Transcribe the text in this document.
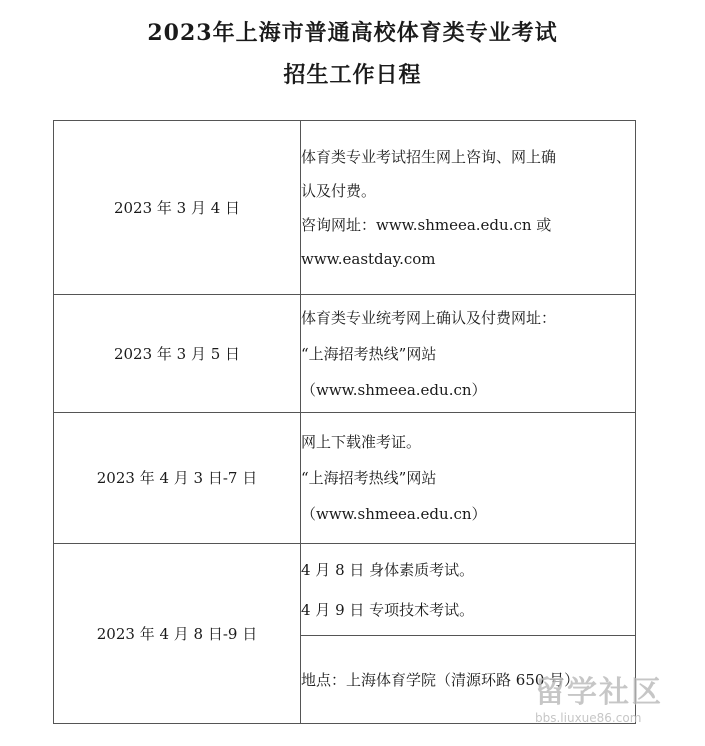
2023年上海市普通高校体育类专业考试
招生工作日程
2023 年 3 月 4 日	体育类专业考试招生网上咨询、网上确
认及付费。
咨询网址：www.shmeea.edu.cn 或
www.eastday.com

2023 年 3 月 5 日	体育类专业统考网上确认及付费网址：
“上海招考热线”网站
（www.shmeea.edu.cn）

2023 年 4 月 3 日-7 日	网上下载准考证。
“上海招考热线”网站
（www.shmeea.edu.cn）

2023 年 4 月 8 日-9 日	4 月 8 日 身体素质考试。
4 月 9 日 专项技术考试。

	地点：上海体育学院（清源环路 650 号）
留学社区
bbs.liuxue86.com
